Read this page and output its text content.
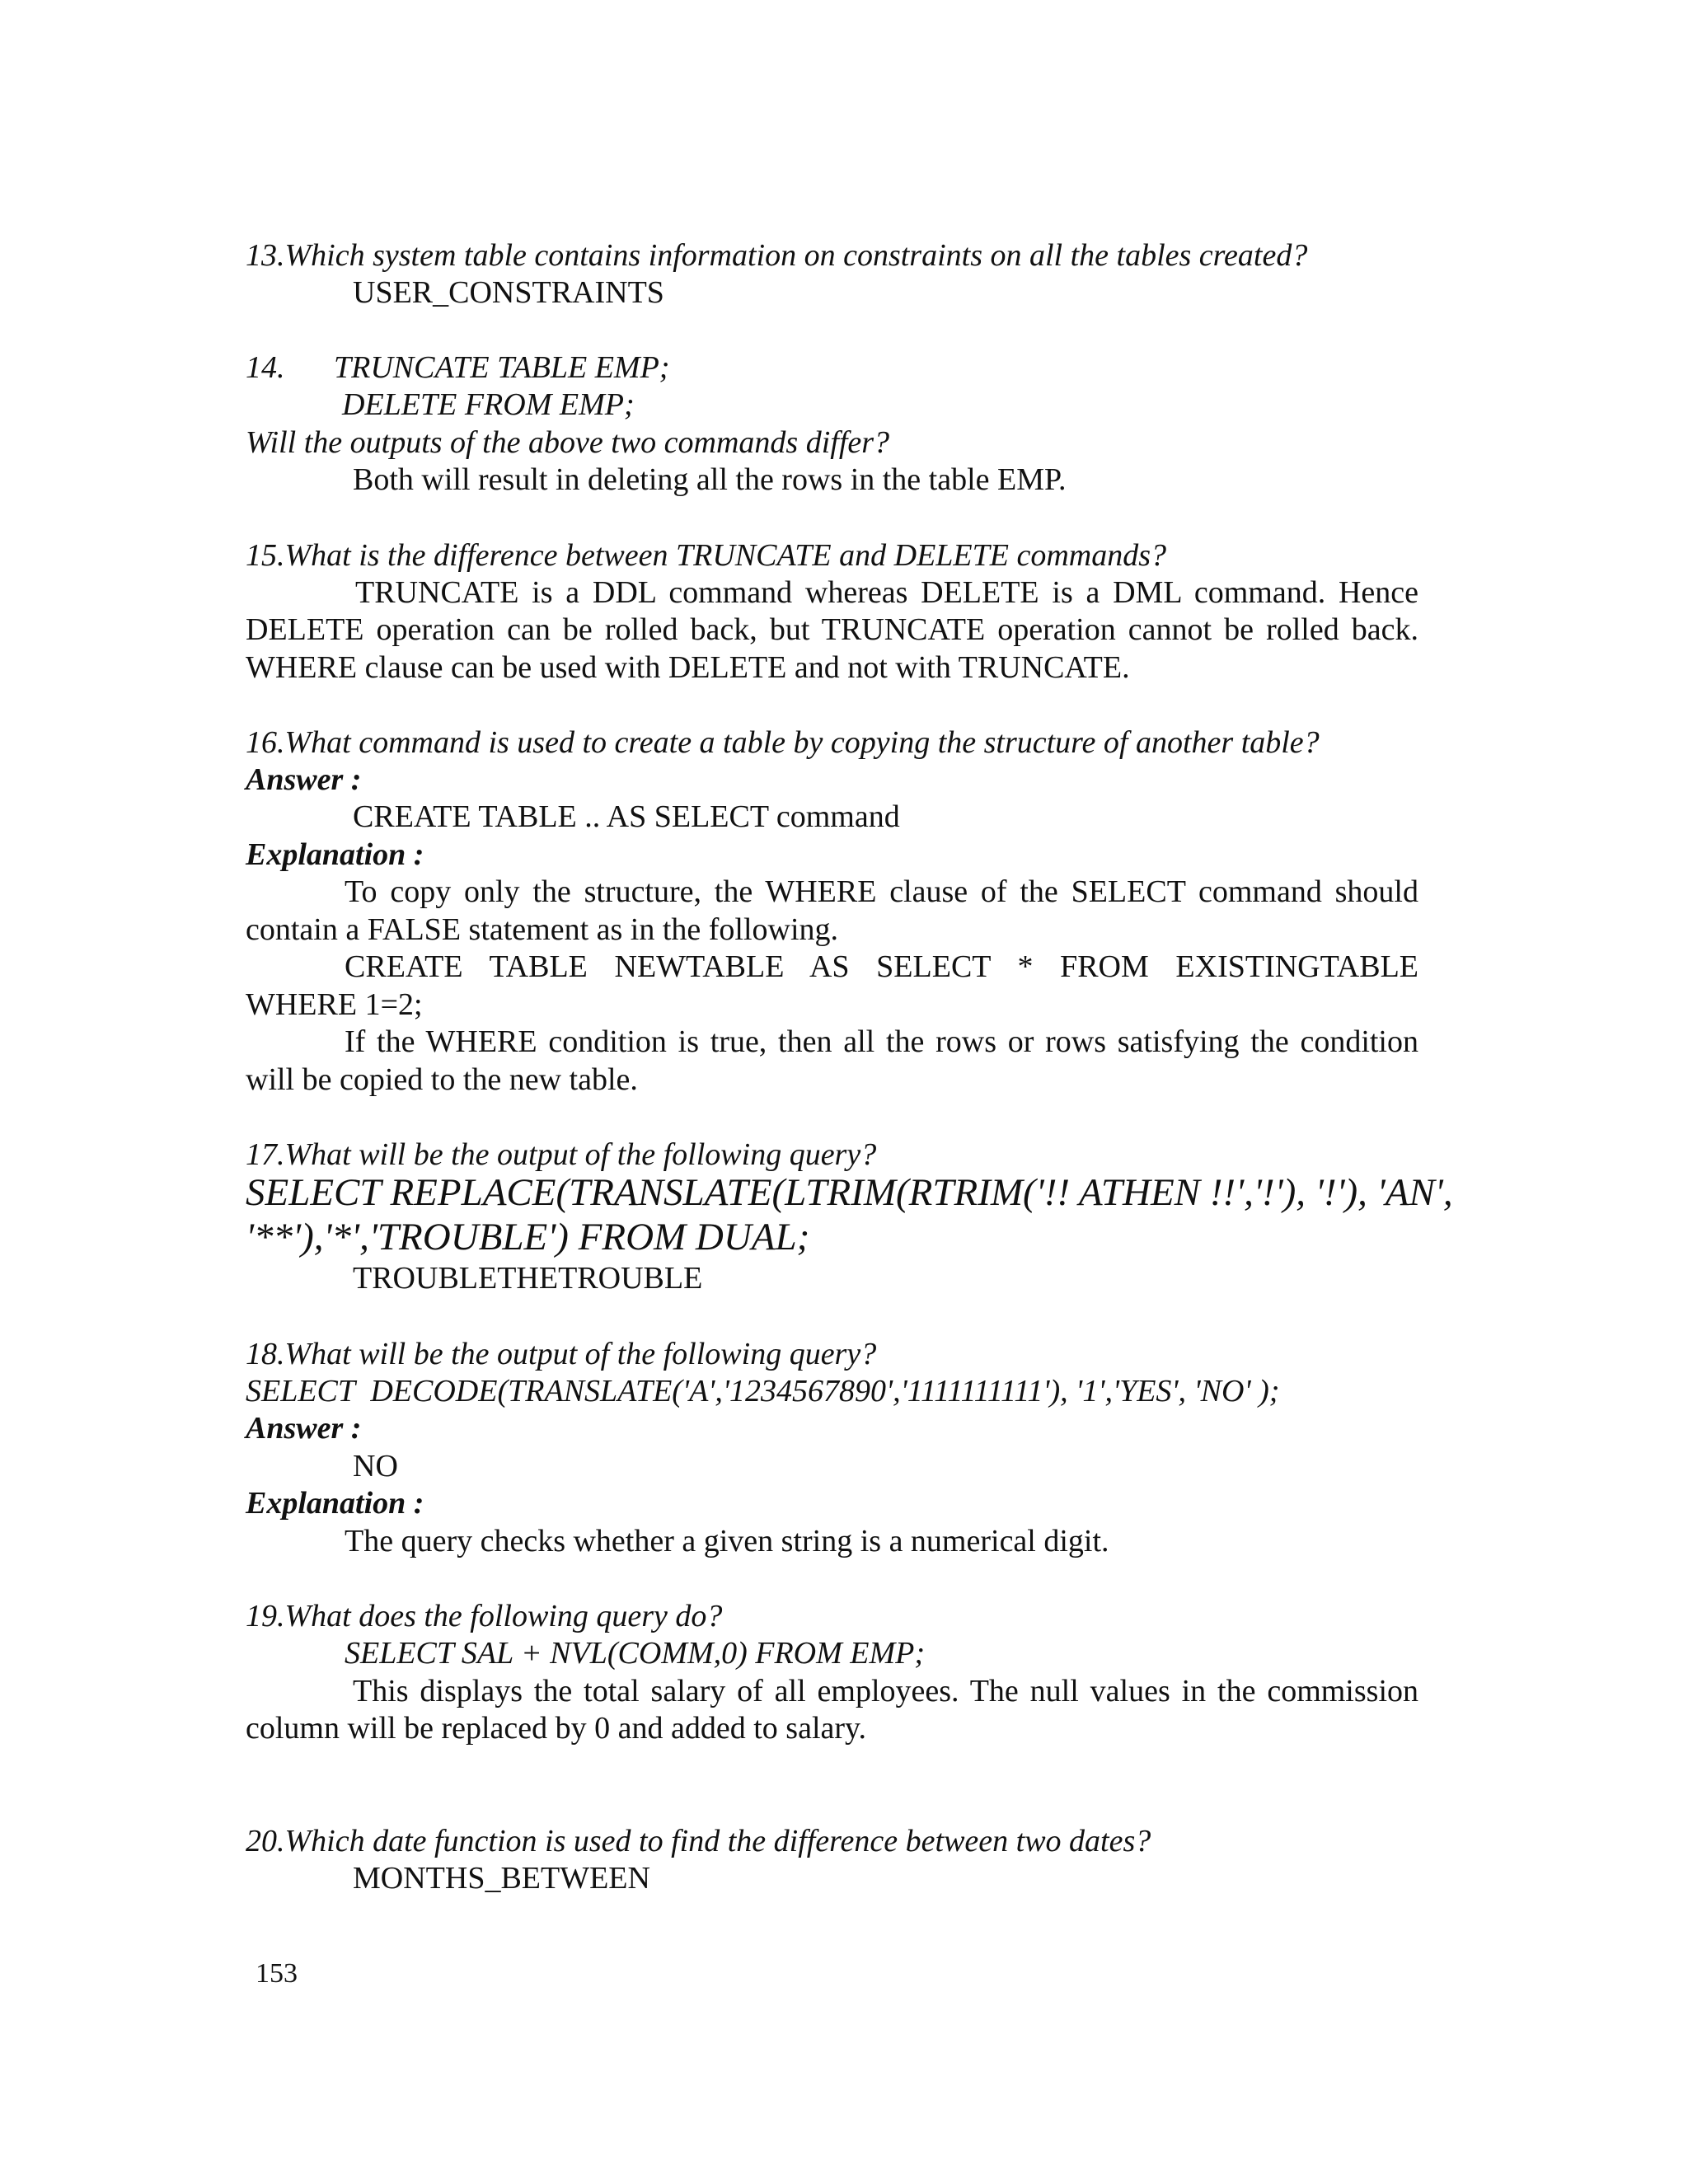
13.Which system table contains information on constraints on all the tables created?
USER_CONSTRAINTS
14. TRUNCATE TABLE EMP;
DELETE FROM EMP;
Will the outputs of the above two commands differ?
Both will result in deleting all the rows in the table EMP.
15.What is the difference between TRUNCATE and DELETE commands?
TRUNCATE is a DDL command whereas DELETE is a DML command. Hence
DELETE operation can be rolled back, but TRUNCATE operation cannot be rolled back.
WHERE clause can be used with DELETE and not with TRUNCATE.
16.What command is used to create a table by copying the structure of another table?
Answer :
CREATE TABLE .. AS SELECT command
Explanation :
To copy only the structure, the WHERE clause of the SELECT command should
contain a FALSE statement as in the following.
CREATE TABLE NEWTABLE AS SELECT * FROM EXISTINGTABLE
WHERE 1=2;
If the WHERE condition is true, then all the rows or rows satisfying the condition
will be copied to the new table.
17.What will be the output of the following query?
SELECT REPLACE(TRANSLATE(LTRIM(RTRIM('!! ATHEN !!','!'), '!'), 'AN',
'**'),'*','TROUBLE') FROM DUAL;
TROUBLETHETROUBLE
18.What will be the output of the following query?
SELECT  DECODE(TRANSLATE('A','1234567890','1111111111'), '1','YES', 'NO' );
Answer :
NO
Explanation :
The query checks whether a given string is a numerical digit.
19.What does the following query do?
SELECT SAL + NVL(COMM,0) FROM EMP;
This displays the total salary of all employees. The null values in the commission
column will be replaced by 0 and added to salary.
20.Which date function is used to find the difference between two dates?
MONTHS_BETWEEN
153
